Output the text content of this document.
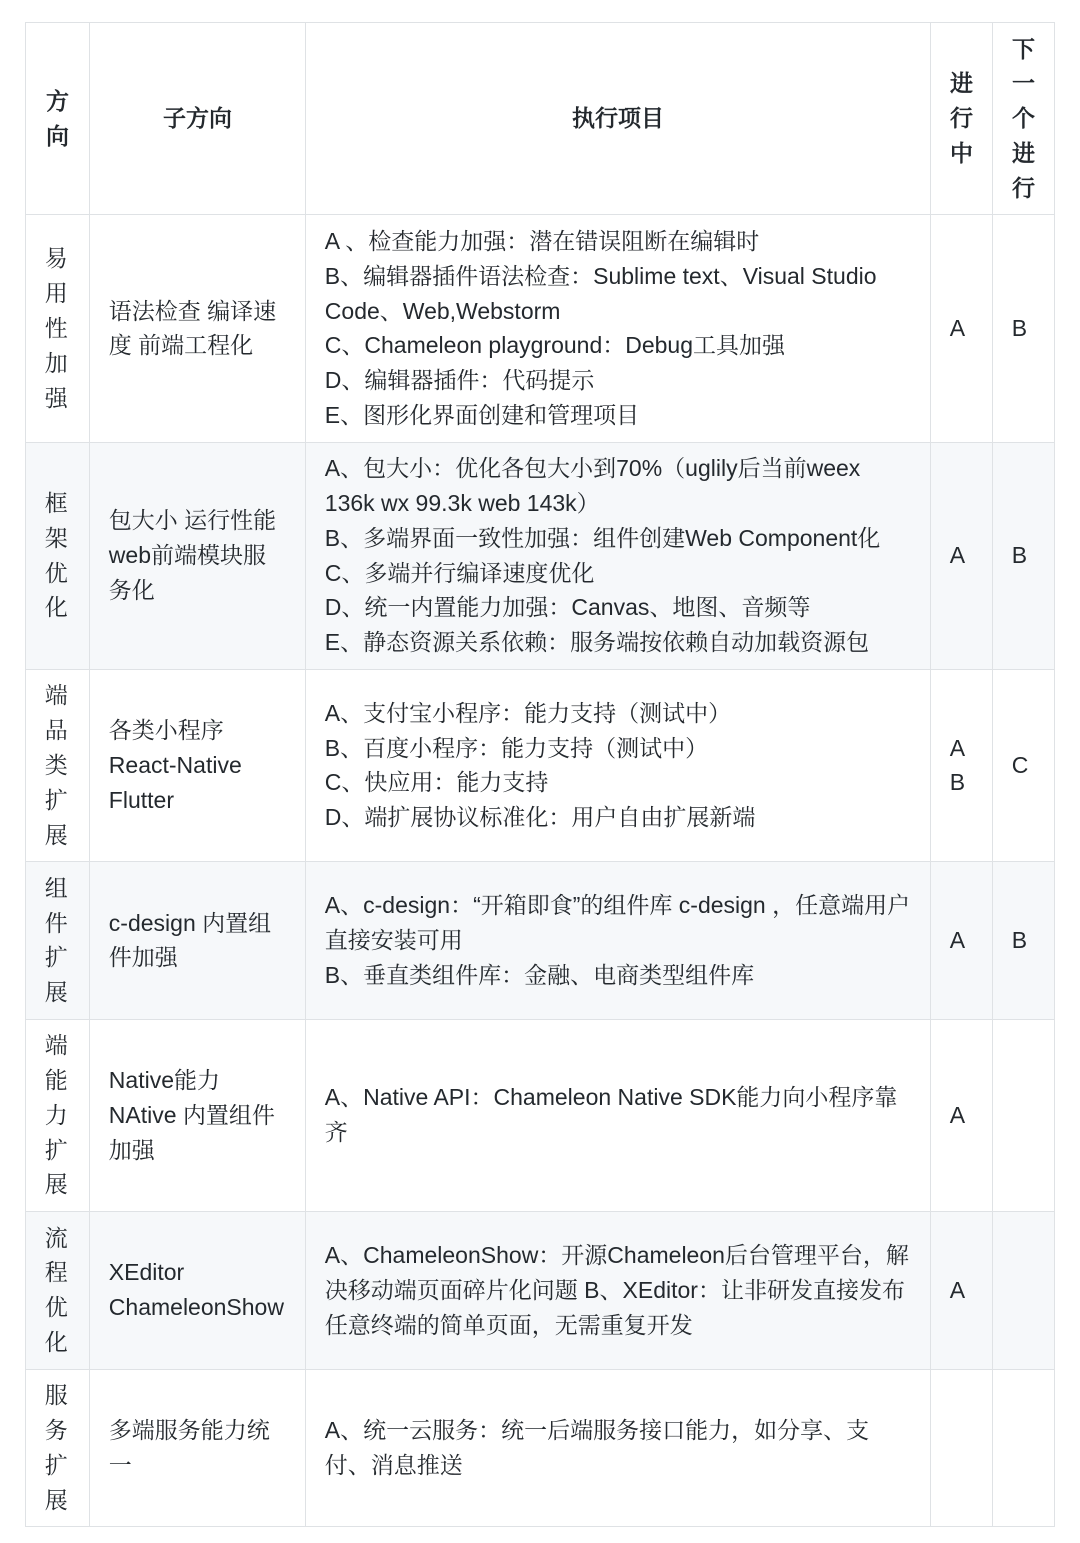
方向	子方向	执行项目	进行中	下一个进行
易用性加强	语法检查 编译速度 前端工程化	A 、检查能力加强：潜在错误阻断在编辑时
B、编辑器插件语法检查：Sublime text、Visual Studio Code、Web,Webstorm
C、Chameleon playground：Debug工具加强
D、编辑器插件：代码提示
E、图形化界面创建和管理项目	A	B
框架优化	包大小 运行性能 web前端模块服务化	A、包大小：优化各包大小到70%（uglily后当前weex 136k wx 99.3k web 143k）
B、多端界面一致性加强：组件创建Web Component化
C、多端并行编译速度优化
D、统一内置能力加强：Canvas、地图、音频等
E、静态资源关系依赖：服务端按依赖自动加载资源包	A	B
端品类扩展	各类小程序 React-Native Flutter	A、支付宝小程序：能力支持（测试中）
B、百度小程序：能力支持（测试中）
C、快应用：能力支持
D、端扩展协议标准化：用户自由扩展新端	A B	C
组件扩展	c-design 内置组件加强	A、c-design：“开箱即食”的组件库 c-design ，任意端用户直接安装可用
B、垂直类组件库：金融、电商类型组件库	A	B
端能力扩展	Native能力 NAtive 内置组件加强	A、Native API：Chameleon Native SDK能力向小程序靠齐	A	
流程优化	XEditor ChameleonShow	A、ChameleonShow：开源Chameleon后台管理平台，解决移动端页面碎片化问题 B、XEditor：让非研发直接发布任意终端的简单页面，无需重复开发	A	
服务扩展	多端服务能力统一	A、统一云服务：统一后端服务接口能力，如分享、支付、消息推送		
